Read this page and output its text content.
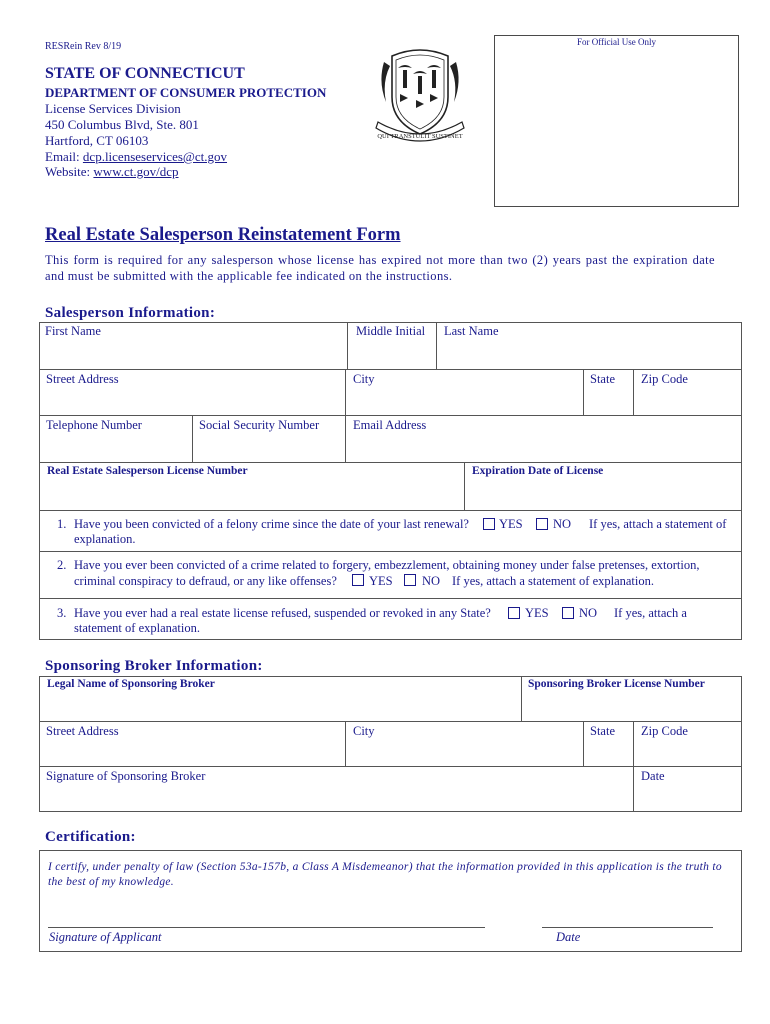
RESRein Rev 8/19	For Official Use Only
STATE OF CONNECTICUT
DEPARTMENT OF CONSUMER PROTECTION
License Services Division
450 Columbus Blvd, Ste. 801
Hartford, CT 06103
Email: dcp.licenseservices@ct.gov
Website: www.ct.gov/dcp
QUI TRANSTULIT SUSTINET
Real Estate Salesperson Reinstatement Form
This form is required for any salesperson whose license has expired not more than two (2) years past the expiration date and must be submitted with the applicable fee indicated on the instructions.
Salesperson Information:
First Name	Middle Initial Last Name
Street Address	City	State Zip Code
Telephone Number	Social Security Number	Email Address
Real Estate Salesperson License Number	Expiration Date of License
1. Have you been convicted of a felony crime since the date of your last renewal? YES NO If yes, attach a statement of
explanation.
2. Have you ever been convicted of a crime related to forgery, embezzlement, obtaining money under false pretenses, extortion,
criminal conspiracy to defraud, or any like offenses?	YES NO If yes, attach a statement of explanation.
3. Have you ever had a real estate license refused, suspended or revoked in any State?	YES NO If yes, attach a
statement of explanation.
Sponsoring Broker Information:
Legal Name of Sponsoring Broker	Sponsoring Broker License Number
Street Address	City	State Zip Code
Signature of Sponsoring Broker	Date
Certification:
I certify, under penalty of law (Section 53a-157b, a Class A Misdemeanor) that the information provided in this application is the truth to the best of my knowledge.
Signature of Applicant	Date
